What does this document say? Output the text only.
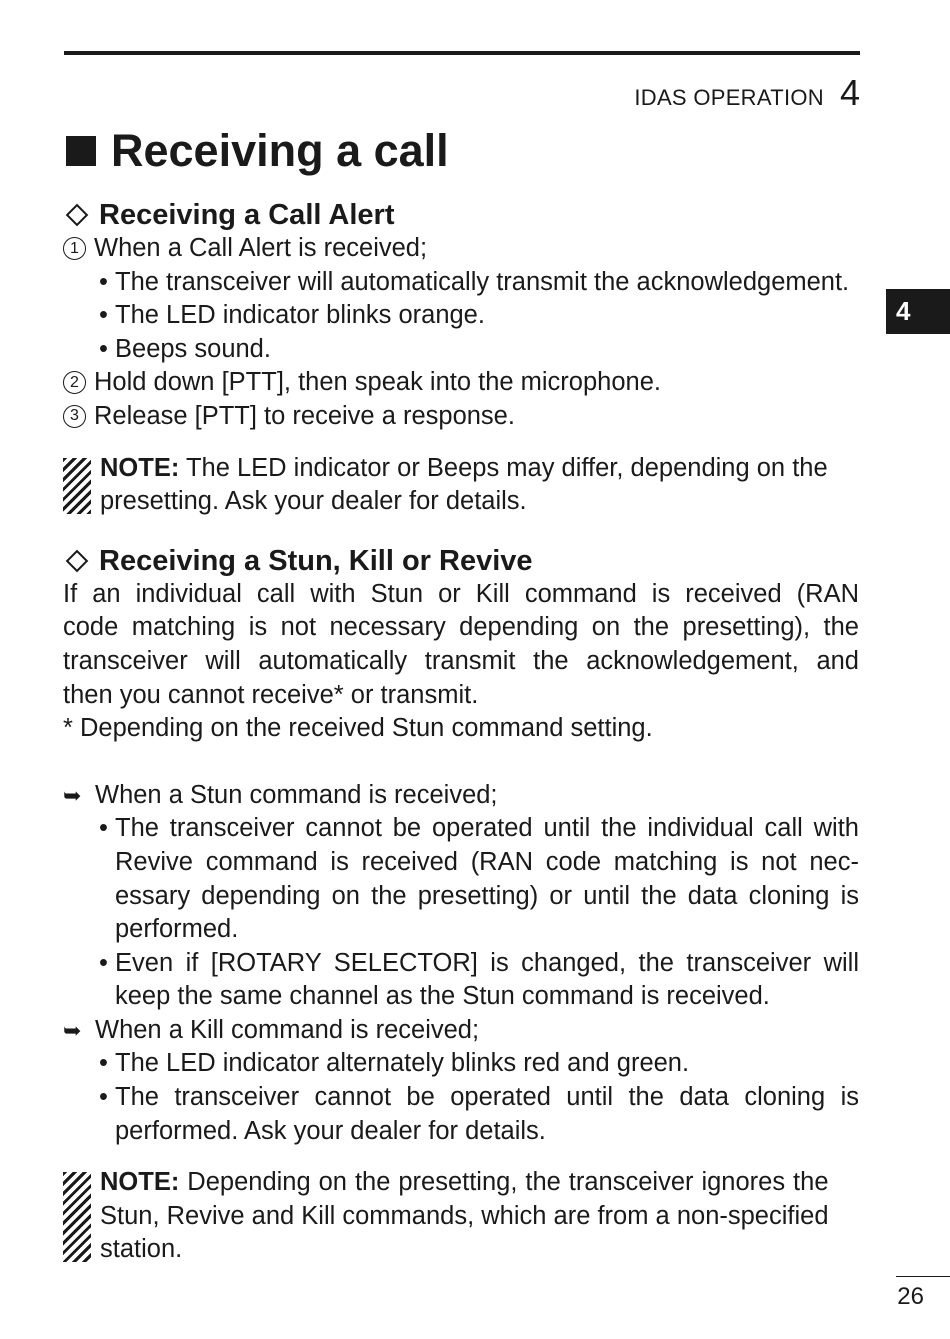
IDAS OPERATION 4
4
Receiving a call
Receiving a Call Alert
1 When a Call Alert is received;
• The transceiver will automatically transmit the acknowledgement.
• The LED indicator blinks orange.
• Beeps sound.
2 Hold down [PTT], then speak into the microphone.
3 Release [PTT] to receive a response.
NOTE: The LED indicator or Beeps may differ, depending on the
presetting. Ask your dealer for details.
Receiving a Stun, Kill or Revive
If an individual call with Stun or Kill command is received (RAN
code matching is not necessary depending on the presetting), the
transceiver will automatically transmit the acknowledgement, and
then you cannot receive* or transmit.
* Depending on the received Stun command setting.
➥ When a Stun command is received;
• The transceiver cannot be operated until the individual call with
Revive command is received (RAN code matching is not nec-
essary depending on the presetting) or until the data cloning is
performed.
• Even if [ROTARY SELECTOR] is changed, the transceiver will
keep the same channel as the Stun command is received.
➥ When a Kill command is received;
• The LED indicator alternately blinks red and green.
• The transceiver cannot be operated until the data cloning is
performed. Ask your dealer for details.
NOTE: Depending on the presetting, the transceiver ignores the
Stun, Revive and Kill commands, which are from a non-specified
station.
26
